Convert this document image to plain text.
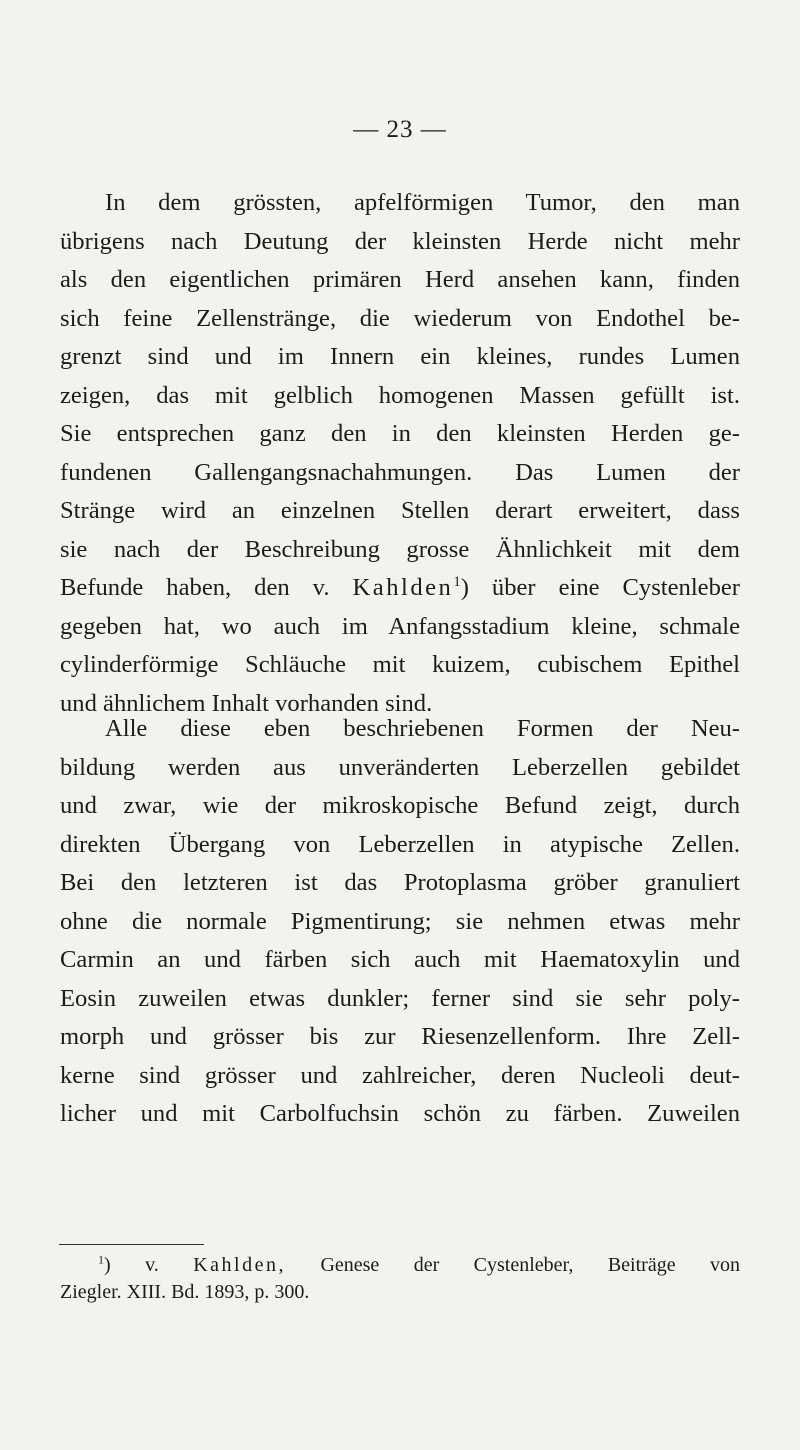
— 23 —
In dem grössten, apfelförmigen Tumor, den man
übrigens nach Deutung der kleinsten Herde nicht mehr
als den eigentlichen primären Herd ansehen kann, finden
sich feine Zellenstränge, die wiederum von Endothel be-
grenzt sind und im Innern ein kleines, rundes Lumen
zeigen, das mit gelblich homogenen Massen gefüllt ist.
Sie entsprechen ganz den in den kleinsten Herden ge-
fundenen Gallengangsnachahmungen. Das Lumen der
Stränge wird an einzelnen Stellen derart erweitert, dass
sie nach der Beschreibung grosse Ähnlichkeit mit dem
Befunde haben, den v. Kahlden$^1$) über eine Cystenleber
gegeben hat, wo auch im Anfangsstadium kleine, schmale
cylinderförmige Schläuche mit kuizem, cubischem Epithel
und ähnlichem Inhalt vorhanden sind.
Alle diese eben beschriebenen Formen der Neu-
bildung werden aus unveränderten Leberzellen gebildet
und zwar, wie der mikroskopische Befund zeigt, durch
direkten Übergang von Leberzellen in atypische Zellen.
Bei den letzteren ist das Protoplasma gröber granuliert
ohne die normale Pigmentirung; sie nehmen etwas mehr
Carmin an und färben sich auch mit Haematoxylin und
Eosin zuweilen etwas dunkler; ferner sind sie sehr poly-
morph und grösser bis zur Riesenzellenform. Ihre Zell-
kerne sind grösser und zahlreicher, deren Nucleoli deut-
licher und mit Carbolfuchsin schön zu färben. Zuweilen
$^1$) v. Kahlden, Genese der Cystenleber, Beiträge von
Ziegler. XIII. Bd. 1893, p. 300.
